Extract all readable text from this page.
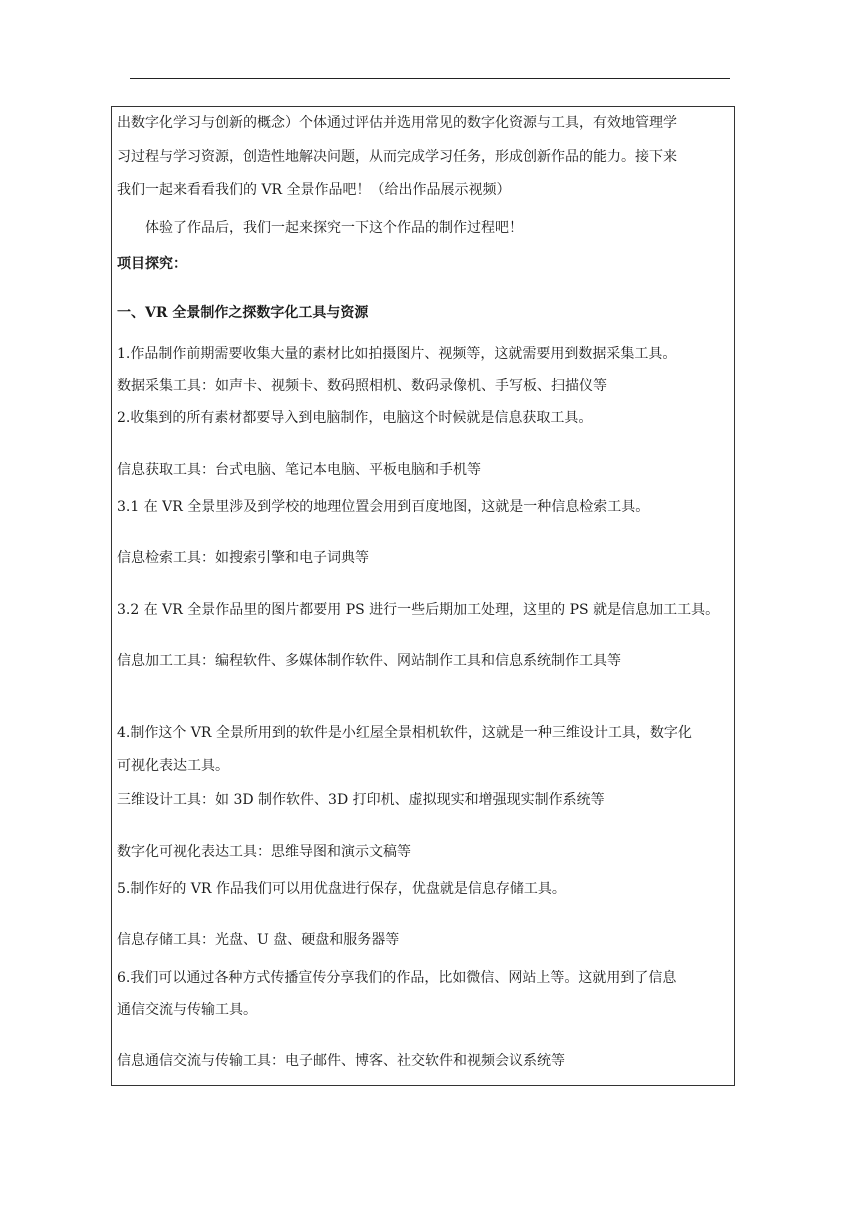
出数字化学习与创新的概念）个体通过评估并选用常见的数字化资源与工具，有效地管理学
习过程与学习资源，创造性地解决问题，从而完成学习任务，形成创新作品的能力。接下来
我们一起来看看我们的 VR 全景作品吧！（给出作品展示视频）
体验了作品后，我们一起来探究一下这个作品的制作过程吧！
项目探究：
一、VR 全景制作之探数字化工具与资源
1.作品制作前期需要收集大量的素材比如拍摄图片、视频等，这就需要用到数据采集工具。
数据采集工具：如声卡、视频卡、数码照相机、数码录像机、手写板、扫描仪等
2.收集到的所有素材都要导入到电脑制作，电脑这个时候就是信息获取工具。
信息获取工具：台式电脑、笔记本电脑、平板电脑和手机等
3.1 在 VR 全景里涉及到学校的地理位置会用到百度地图，这就是一种信息检索工具。
信息检索工具：如搜索引擎和电子词典等
3.2 在 VR 全景作品里的图片都要用 PS 进行一些后期加工处理，这里的 PS 就是信息加工工具。
信息加工工具：编程软件、多媒体制作软件、网站制作工具和信息系统制作工具等
4.制作这个 VR 全景所用到的软件是小红屋全景相机软件，这就是一种三维设计工具，数字化
可视化表达工具。
三维设计工具：如 3D 制作软件、3D 打印机、虚拟现实和增强现实制作系统等
数字化可视化表达工具：思维导图和演示文稿等
5.制作好的 VR 作品我们可以用优盘进行保存，优盘就是信息存储工具。
信息存储工具：光盘、U 盘、硬盘和服务器等
6.我们可以通过各种方式传播宣传分享我们的作品，比如微信、网站上等。这就用到了信息
通信交流与传输工具。
信息通信交流与传输工具：电子邮件、博客、社交软件和视频会议系统等
